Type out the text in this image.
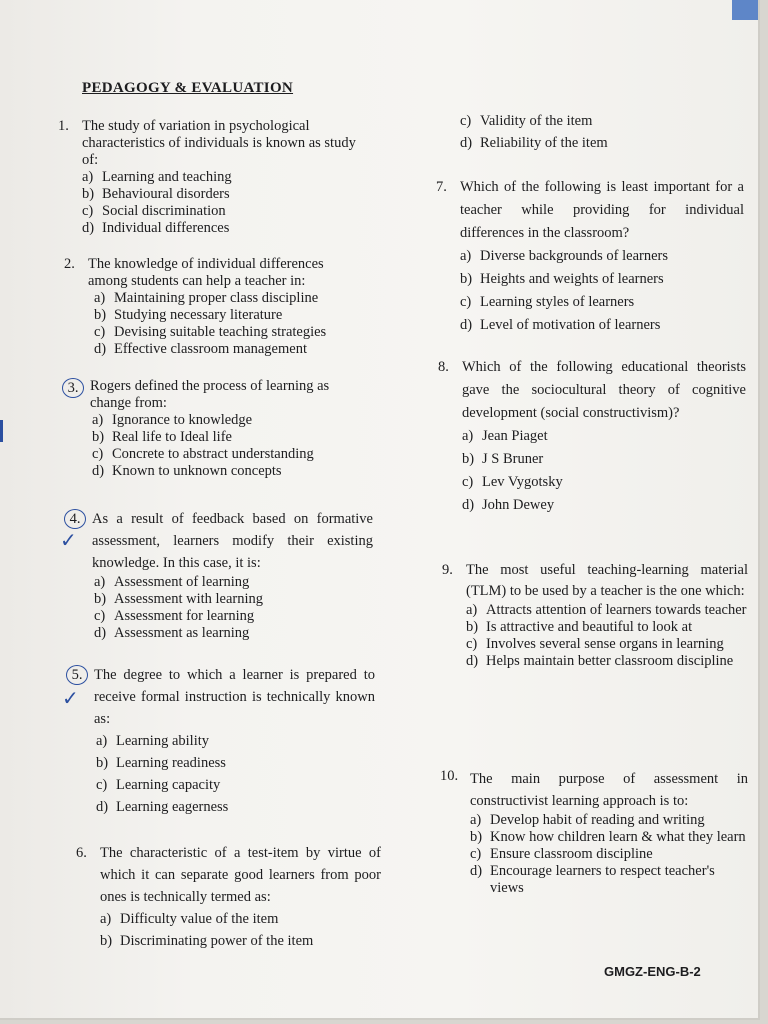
PEDAGOGY & EVALUATION
1. The study of variation in psychological characteristics of individuals is known as study of:
a) Learning and teaching
b) Behavioural disorders
c) Social discrimination
d) Individual differences
2. The knowledge of individual differences among students can help a teacher in:
a) Maintaining proper class discipline
b) Studying necessary literature
c) Devising suitable teaching strategies
d) Effective classroom management
3. Rogers defined the process of learning as change from:
a) Ignorance to knowledge
b) Real life to Ideal life
c) Concrete to abstract understanding
d) Known to unknown concepts
4. As a result of feedback based on formative assessment, learners modify their existing knowledge. In this case, it is:
a) Assessment of learning
b) Assessment with learning
c) Assessment for learning
d) Assessment as learning
5. The degree to which a learner is prepared to receive formal instruction is technically known as:
a) Learning ability
b) Learning readiness
c) Learning capacity
d) Learning eagerness
6. The characteristic of a test-item by virtue of which it can separate good learners from poor ones is technically termed as:
a) Difficulty value of the item
b) Discriminating power of the item
✓
✓
c) Validity of the item
d) Reliability of the item
7. Which of the following is least important for a teacher while providing for individual differences in the classroom?
a) Diverse backgrounds of learners
b) Heights and weights of learners
c) Learning styles of learners
d) Level of motivation of learners
8. Which of the following educational theorists gave the sociocultural theory of cognitive development (social constructivism)?
a) Jean Piaget
b) J S Bruner
c) Lev Vygotsky
d) John Dewey
9. The most useful teaching-learning material (TLM) to be used by a teacher is the one which:
a) Attracts attention of learners towards teacher
b) Is attractive and beautiful to look at
c) Involves several sense organs in learning
d) Helps maintain better classroom discipline
10. The main purpose of assessment in constructivist learning approach is to:
a) Develop habit of reading and writing
b) Know how children learn & what they learn
c) Ensure classroom discipline
d) Encourage learners to respect teacher's views
GMGZ-ENG-B-2
